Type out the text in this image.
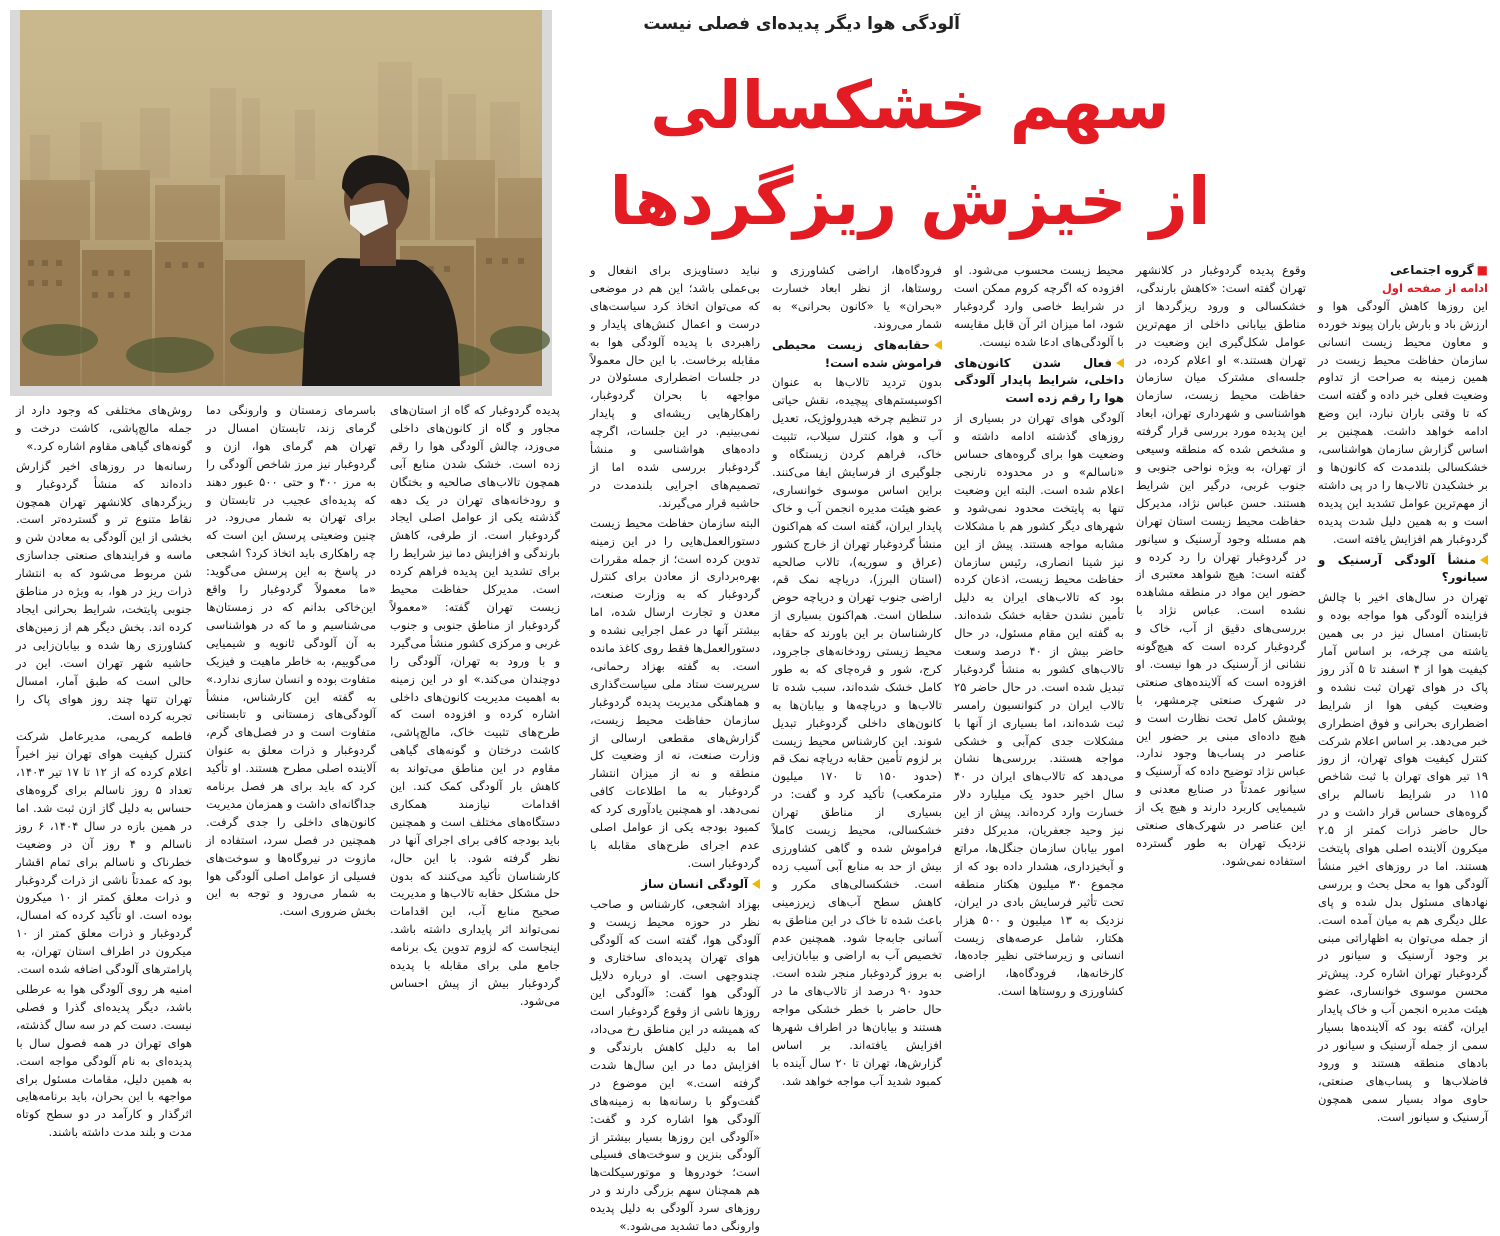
آلودگی هوا دیگر پدیده‌ای فصلی نیست
سهم خشکسالی
از خیزش ریزگردها
■گروه اجتماعی
ادامه از صفحه اول

این روزها کاهش آلودگی هوا و ارزش باد و بارش باران پیوند خورده و معاون محیط زیست انسانی سازمان حفاظت محیط زیست در همین زمینه به صراحت از تداوم وضعیت فعلی خبر داده و گفته است که تا وقتی باران نبارد، این وضع ادامه خواهد داشت. همچنین بر اساس گزارش سازمان هواشناسی، خشکسالی بلندمدت که کانون‌ها و بر خشکیدن تالاب‌ها را در پی داشته از مهم‌ترین عوامل تشدید این پدیده است و به همین دلیل شدت پدیده گردوغبار هم افزایش یافته است.

منشأ آلودگی آرسنیک و سیانور؟

تهران در سال‌های اخیر با چالش فزاینده آلودگی هوا مواجه بوده و تابستان امسال نیز در بی همین یاشته می چرخه، بر اساس آمار کیفیت هوا از ۴ اسفند تا ۵ آذر روز پاک در هوای تهران ثبت نشده و وضعیت کیفی هوا از شرایط اضطراری بحرانی و فوق اضطراری خبر می‌دهد. بر اساس اعلام شرکت کنترل کیفیت هوای تهران، از روز ۱۹ تیر هوای تهران با ثبت شاخص ۱۱۵ در شرایط ناسالم برای گروه‌های حساس قرار داشت و در حال حاضر ذرات کمتر از ۲.۵ میکرون آلاینده اصلی هوای پایتخت هستند. اما در روزهای اخیر منشأ آلودگی هوا به محل بحث و بررسی نهادهای مسئول بدل شده و پای علل دیگری هم به میان آمده است. از جمله می‌توان به اظهاراتی مبنی بر وجود آرسنیک و سیانور در گردوغبار تهران اشاره کرد. پیش‌تر محسن موسوی خوانساری، عضو هیئت مدیره انجمن آب و خاک پایدار ایران، گفته بود که آلاینده‌ها بسیار سمی از جمله آرسنیک و سیانور در بادهای منطقه هستند و ورود فاضلاب‌ها و پساب‌های صنعتی، حاوی مواد بسیار سمی همچون آرسنیک و سیانور است.

وقوع پدیده گردوغبار در کلانشهر تهران گفته است: «کاهش بارندگی، خشکسالی و ورود ریزگردها از مناطق بیابانی داخلی از مهم‌ترین عوامل شکل‌گیری این وضعیت در تهران هستند.» او اعلام کرده، در جلسه‌ای مشترک میان سازمان حفاظت محیط زیست، سازمان هواشناسی و شهرداری تهران، ابعاد این پدیده مورد بررسی قرار گرفته و مشخص شده که منطقه وسیعی از تهران، به ویژه نواحی جنوبی و جنوب غربی، درگیر این شرایط هستند. حسن عباس نژاد، مدیرکل حفاظت محیط زیست استان تهران هم مسئله وجود آرسنیک و سیانور در گردوغبار تهران را رد کرده و گفته است: هیچ شواهد معتبری از حضور این مواد در منطقه مشاهده نشده است. عباس نژاد با بررسی‌های دقیق از آب، خاک و گردوغبار کرده است که هیچ‌گونه نشانی از آرسنیک در هوا نیست. او افزوده است که آلاینده‌های صنعتی در شهرک صنعتی چرمشهر، با پوشش کامل تحت نظارت است و هیچ داده‌ای مبنی بر حضور این عناصر در پساب‌ها وجود ندارد. عباس نژاد توضیح داده که آرسنیک و سیانور عمدتاً در صنایع معدنی و شیمیایی کاربرد دارند و هیچ یک از این عناصر در شهرک‌های صنعتی نزدیک تهران به طور گسترده استفاده نمی‌شود.

محیط زیست محسوب می‌شود. او افزوده که اگرچه کروم ممکن است در شرایط خاصی وارد گردوغبار شود، اما میزان اثر آن قابل مقایسه با آلودگی‌های ادعا شده نیست.

فعال شدن کانون‌های داخلی، شرایط پایدار آلودگی هوا را رقم زده است

آلودگی هوای تهران در بسیاری از روزهای گذشته ادامه داشته و وضعیت هوا برای گروه‌های حساس «ناسالم» و در محدوده نارنجی اعلام شده است. البته این وضعیت تنها به پایتخت محدود نمی‌شود و شهرهای دیگر کشور هم با مشکلات مشابه مواجه هستند. پیش از این نیز شینا انصاری، رئیس سازمان حفاظت محیط زیست، اذعان کرده بود که تالاب‌های ایران به دلیل تأمین نشدن حقابه خشک شده‌اند. به گفته این مقام مسئول، در حال حاضر بیش از ۴۰ درصد وسعت تالاب‌های کشور به منشأ گردوغبار تبدیل شده است. در حال حاضر ۲۵ تالاب ایران در کنوانسیون رامسر ثبت شده‌اند، اما بسیاری از آنها با مشکلات جدی کم‌آبی و خشکی مواجه هستند. بررسی‌ها نشان می‌دهد که تالاب‌های ایران در ۴۰ سال اخیر حدود یک میلیارد دلار خسارت وارد کرده‌اند. پیش از این نیز وحید جعفریان، مدیرکل دفتر امور بیابان سازمان جنگل‌ها، مراتع و آبخیزداری، هشدار داده بود که از مجموع ۳۰ میلیون هکتار منطقه تحت تأثیر فرسایش بادی در ایران، نزدیک به ۱۳ میلیون و ۵۰۰ هزار هکتار، شامل عرصه‌های زیست انسانی و زیرساختی نظیر جاده‌ها، کارخانه‌ها، فرودگاه‌ها، اراضی کشاورزی و روستاها است.

فرودگاه‌ها، اراضی کشاورزی و روستاها، از نظر ابعاد خسارت «بحران» یا «کانون بحرانی» به شمار می‌روند.

حقابه‌های زیست محیطی فراموش شده است!

بدون تردید تالاب‌ها به عنوان اکوسیستم‌های پیچیده، نقش حیاتی در تنظیم چرخه هیدرولوژیک، تعدیل آب و هوا، کنترل سیلاب، تثبیت خاک، فراهم کردن زیستگاه و جلوگیری از فرسایش ایفا می‌کنند. براین اساس موسوی خوانساری، عضو هیئت مدیره انجمن آب و خاک پایدار ایران، گفته است که هم‌اکنون منشأ گردوغبار تهران از خارج کشور (عراق و سوریه)، تالاب صالحیه (استان البرز)، دریاچه نمک قم، اراضی جنوب تهران و دریاچه حوض سلطان است. هم‌اکنون بسیاری از کارشناسان بر این باورند که حقابه محیط زیستی رودخانه‌های جاجرود، کرج، شور و قره‌چای که به طور کامل خشک شده‌اند، سبب شده تا تالاب‌ها و دریاچه‌ها و بیابان‌ها به کانون‌های داخلی گردوغبار تبدیل شوند. این کارشناس محیط زیست بر لزوم تأمین حقابه دریاچه نمک قم (حدود ۱۵۰ تا ۱۷۰ میلیون مترمکعب) تأکید کرد و گفت: در بسیاری از مناطق تهران خشکسالی، محیط زیست کاملاً فراموش شده و گاهی کشاورزی بیش از حد به منابع آبی آسیب زده است. خشکسالی‌های مکرر و کاهش سطح آب‌های زیرزمینی باعث شده تا خاک در این مناطق به آسانی جابه‌جا شود. همچنین عدم تخصیص آب به اراضی و بیابان‌زایی به بروز گردوغبار منجر شده است. حدود ۹۰ درصد از تالاب‌های ما در حال حاضر با خطر خشکی مواجه هستند و بیابان‌ها در اطراف شهرها افزایش یافته‌اند. بر اساس گزارش‌ها، تهران تا ۲۰ سال آینده با کمبود شدید آب مواجه خواهد شد.

نباید دستاویزی برای انفعال و بی‌عملی باشد؛ این هم در موضعی که می‌توان اتخاذ کرد سیاست‌های درست و اعمال کنش‌های پایدار و راهبردی با پدیده آلودگی هوا به مقابله برخاست. با این حال معمولاً در جلسات اضطراری مسئولان در مواجهه با بحران گردوغبار، راهکارهایی ریشه‌ای و پایدار نمی‌بینیم. در این جلسات، اگرچه داده‌های هواشناسی و منشأ گردوغبار بررسی شده اما از تصمیم‌های اجرایی بلندمدت در حاشیه قرار می‌گیرند.

البته سازمان حفاظت محیط زیست دستورالعمل‌هایی را در این زمینه تدوین کرده است؛ از جمله مقررات بهره‌برداری از معادن برای کنترل گردوغبار که به وزارت صنعت، معدن و تجارت ارسال شده، اما بیشتر آنها در عمل اجرایی نشده و دستورالعمل‌ها فقط روی کاغذ مانده است. به گفته بهزاد رحمانی، سرپرست ستاد ملی سیاست‌گذاری و هماهنگی مدیریت پدیده گردوغبار سازمان حفاظت محیط زیست، گزارش‌های مقطعی ارسالی از وزارت صنعت، نه از وضعیت کل منطقه و نه از میزان انتشار گردوغبار به ما اطلاعات کافی نمی‌دهد. او همچنین یادآوری کرد که کمبود بودجه یکی از عوامل اصلی عدم اجرای طرح‌های مقابله با گردوغبار است.

آلودگی انسان ساز

بهزاد اشجعی، کارشناس و صاحب نظر در حوزه محیط زیست و آلودگی هوا، گفته است که آلودگی هوای تهران پدیده‌ای ساختاری و چندوجهی است. او درباره دلایل آلودگی هوا گفت: «آلودگی این روزها ناشی از وقوع گردوغبار است که همیشه در این مناطق رخ می‌داد، اما به دلیل کاهش بارندگی و افزایش دما در این سال‌ها شدت گرفته است.» این موضوع در گفت‌وگو با رسانه‌ها به زمینه‌های آلودگی هوا اشاره کرد و گفت: «آلودگی این روزها بسیار بیشتر از آلودگی بنزین و سوخت‌های فسیلی است؛ خودروها و موتورسیکلت‌ها هم همچنان سهم بزرگی دارند و در روزهای سرد آلودگی به دلیل پدیده وارونگی دما تشدید می‌شود.»

پدیده گردوغبار که گاه از استان‌های مجاور و گاه از کانون‌های داخلی می‌وزد، چالش آلودگی هوا را رقم زده است. خشک شدن منابع آبی همچون تالاب‌های صالحیه و بختگان و رودخانه‌های تهران در یک دهه گذشته یکی از عوامل اصلی ایجاد گردوغبار است. از طرفی، کاهش بارندگی و افزایش دما نیز شرایط را برای تشدید این پدیده فراهم کرده است. مدیرکل حفاظت محیط زیست تهران گفته: «معمولاً گردوغبار از مناطق جنوبی و جنوب غربی و مرکزی کشور منشأ می‌گیرد و با ورود به تهران، آلودگی را دوچندان می‌کند.» او در این زمینه به اهمیت مدیریت کانون‌های داخلی اشاره کرده و افزوده است که طرح‌های تثبیت خاک، مالچ‌پاشی، کاشت درختان و گونه‌های گیاهی مقاوم در این مناطق می‌تواند به کاهش بار آلودگی کمک کند. این اقدامات نیازمند همکاری دستگاه‌های مختلف است و همچنین باید بودجه کافی برای اجرای آنها در نظر گرفته شود. با این حال، کارشناسان تأکید می‌کنند که بدون حل مشکل حقابه تالاب‌ها و مدیریت صحیح منابع آب، این اقدامات نمی‌تواند اثر پایداری داشته باشد. اینجاست که لزوم تدوین یک برنامه جامع ملی برای مقابله با پدیده گردوغبار بیش از پیش احساس می‌شود.

باسرمای زمستان و وارونگی دما گرمای زند، تابستان امسال در تهران هم گرمای هوا، ازن و گردوغبار نیز مرز شاخص آلودگی را به مرز ۴۰۰ و حتی ۵۰۰ عبور دهند که پدیده‌ای عجیب در تابستان و برای تهران به شمار می‌رود. در چنین وضعیتی پرسش این است که چه راهکاری باید اتخاذ کرد؟ اشجعی در پاسخ به این پرسش می‌گوید: «ما معمولاً گردوغبار را واقع این‌خاکی بدانم که در زمستان‌ها می‌شناسیم و ما که در هواشناسی به آن آلودگی ثانویه و شیمیایی می‌گوییم، به خاطر ماهیت و فیزیک متفاوت بوده و انسان سازی ندارد.» به گفته این کارشناس، منشأ آلودگی‌های زمستانی و تابستانی متفاوت است و در فصل‌های گرم، گردوغبار و ذرات معلق به عنوان آلاینده اصلی مطرح هستند. او تأکید کرد که باید برای هر فصل برنامه جداگانه‌ای داشت و همزمان مدیریت کانون‌های داخلی را جدی گرفت. همچنین در فصل سرد، استفاده از مازوت در نیروگاه‌ها و سوخت‌های فسیلی از عوامل اصلی آلودگی هوا به شمار می‌رود و توجه به این بخش ضروری است.

روش‌های مختلفی که وجود دارد از جمله مالچ‌پاشی، کاشت درخت و گونه‌های گیاهی مقاوم اشاره کرد.»

رسانه‌ها در روزهای اخیر گزارش داده‌اند که منشأ گردوغبار و ریزگردهای کلانشهر تهران همچون نقاط متنوع تر و گسترده‌تر است. بخشی از این آلودگی به معادن شن و ماسه و فرایندهای صنعتی جداسازی شن مربوط می‌شود که به انتشار ذرات ریز در هوا، به ویژه در مناطق جنوبی پایتخت، شرایط بحرانی ایجاد کرده اند. بخش دیگر هم از زمین‌های کشاورزی رها شده و بیابان‌زایی در حاشیه شهر تهران است. این در حالی است که طبق آمار، امسال تهران تنها چند روز هوای پاک را تجربه کرده است.

فاطمه کریمی، مدیرعامل شرکت کنترل کیفیت هوای تهران نیز اخیراً اعلام کرده که از ۱۲ تا ۱۷ تیر ۱۴۰۳، تعداد ۵ روز ناسالم برای گروه‌های حساس به دلیل گاز ازن ثبت شد. اما در همین بازه در سال ۱۴۰۴، ۶ روز ناسالم و ۴ روز آن در وضعیت خطرناک و ناسالم برای تمام اقشار بود که عمدتاً ناشی از ذرات گردوغبار و ذرات معلق کمتر از ۱۰ میکرون بوده است. او تأکید کرده که امسال، گردوغبار و ذرات معلق کمتر از ۱۰ میکرون در اطراف استان تهران، به پارامترهای آلودگی اضافه شده است.

امنیه هر روی آلودگی هوا به عرطلی باشد، دیگر پدیده‌ای گذرا و فصلی نیست. دست کم در سه سال گذشته، هوای تهران در همه فصول سال با پدیده‌ای به نام آلودگی مواجه است. به همین دلیل، مقامات مسئول برای مواجهه با این بحران، باید برنامه‌هایی اثرگذار و کارآمد در دو سطح کوتاه مدت و بلند مدت داشته باشند.
